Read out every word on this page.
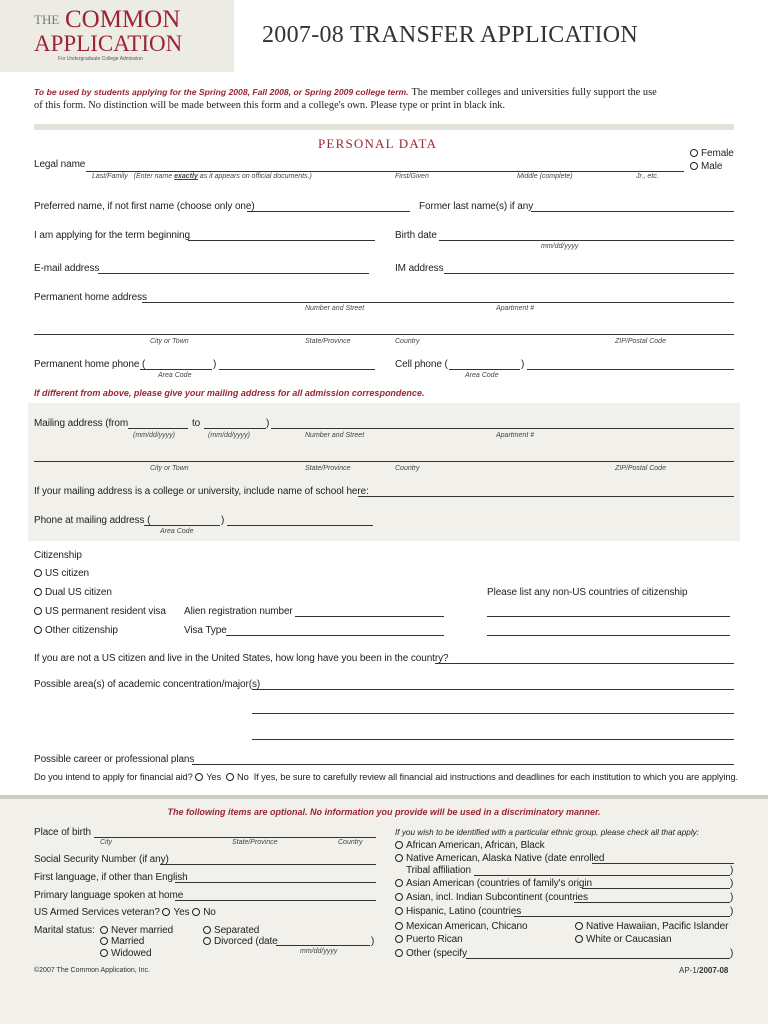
THE COMMON
APPLICATION
For Undergraduate College Admission
2007-08 TRANSFER APPLICATION
To be used by students applying for the Spring 2008, Fall 2008, or Spring 2009 college term. The member colleges and universities fully support the use
of this form. No distinction will be made between this form and a college's own. Please type or print in black ink.
PERSONAL DATA
Female
Male
Legal name
Last/Family (Enter name exactly as it appears on official documents.)	First/Given	Middle (complete)	Jr., etc.
Preferred name, if not first name (choose only one)	Former last name(s) if any
I am applying for the term beginning	Birth date
mm/dd/yyyy
E-mail address	IM address
Permanent home address
Number and Street	Apartment #
City or Town	State/Province	Country	ZIP/Postal Code
Permanent home phone (	)
Area Code
Cell phone (	)
Area Code
If different from above, please give your mailing address for all admission correspondence.
Mailing address (from	to	)
(mm/dd/yyyy)	(mm/dd/yyyy)	Number and Street	Apartment #
City or Town	State/Province	Country	ZIP/Postal Code
If your mailing address is a college or university, include name of school here:
Phone at mailing address (	)
Area Code
Citizenship
US citizen
Dual US citizen
US permanent resident visa
Other citizenship
Alien registration number
Visa Type
Please list any non-US countries of citizenship
If you are not a US citizen and live in the United States, how long have you been in the country?
Possible area(s) of academic concentration/major(s)
Possible career or professional plans
Do you intend to apply for financial aid? Yes No If yes, be sure to carefully review all financial aid instructions and deadlines for each institution to which you are applying.
The following items are optional. No information you provide will be used in a discriminatory manner.
Place of birth
City	State/Province	Country
Social Security Number (if any)
First language, if other than English
Primary language spoken at home
US Armed Services veteran? Yes No
Marital status:	Never married
Married
Widowed
Separated
Divorced (date	)
mm/dd/yyyy
If you wish to be identified with a particular ethnic group, please check all that apply:
African American, African, Black
Native American, Alaska Native (date enrolled
Tribal affiliation	)
Asian American (countries of family's origin	)
Asian, incl. Indian Subcontinent (countries	)
Hispanic, Latino (countries	)
Mexican American, Chicano	Native Hawaiian, Pacific Islander
Puerto Rican	White or Caucasian
Other (specify	)
©2007 The Common Application, Inc.	AP-1/2007-08
